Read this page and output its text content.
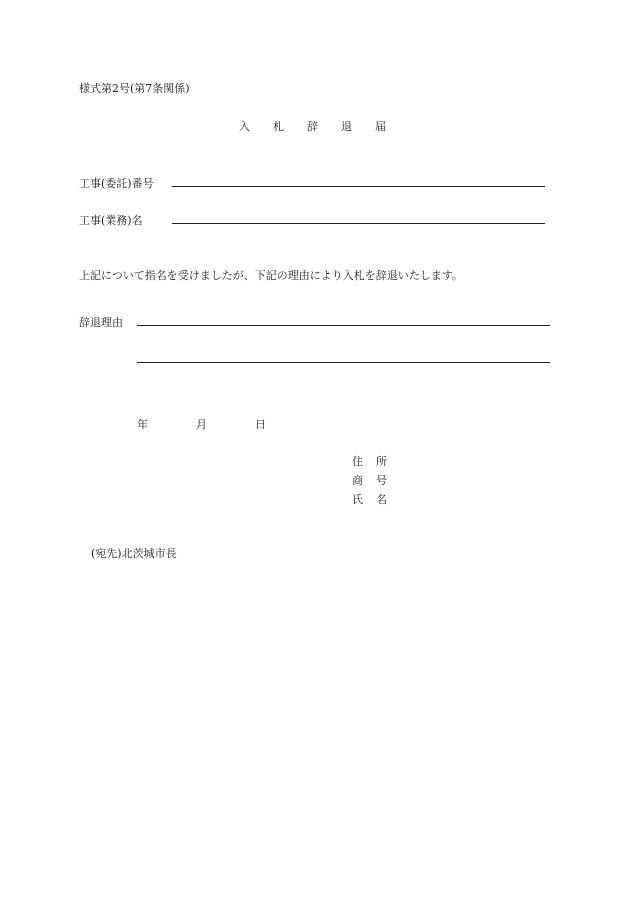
様式第2号(第7条関係)
入 札 辞 退 届
工事(委託)番号
工事(業務)名
上記について指名を受けましたが、下記の理由により入札を辞退いたします。
辞退理由
年	月	日
住 所
商 号
氏 名
(宛先)北茨城市長
